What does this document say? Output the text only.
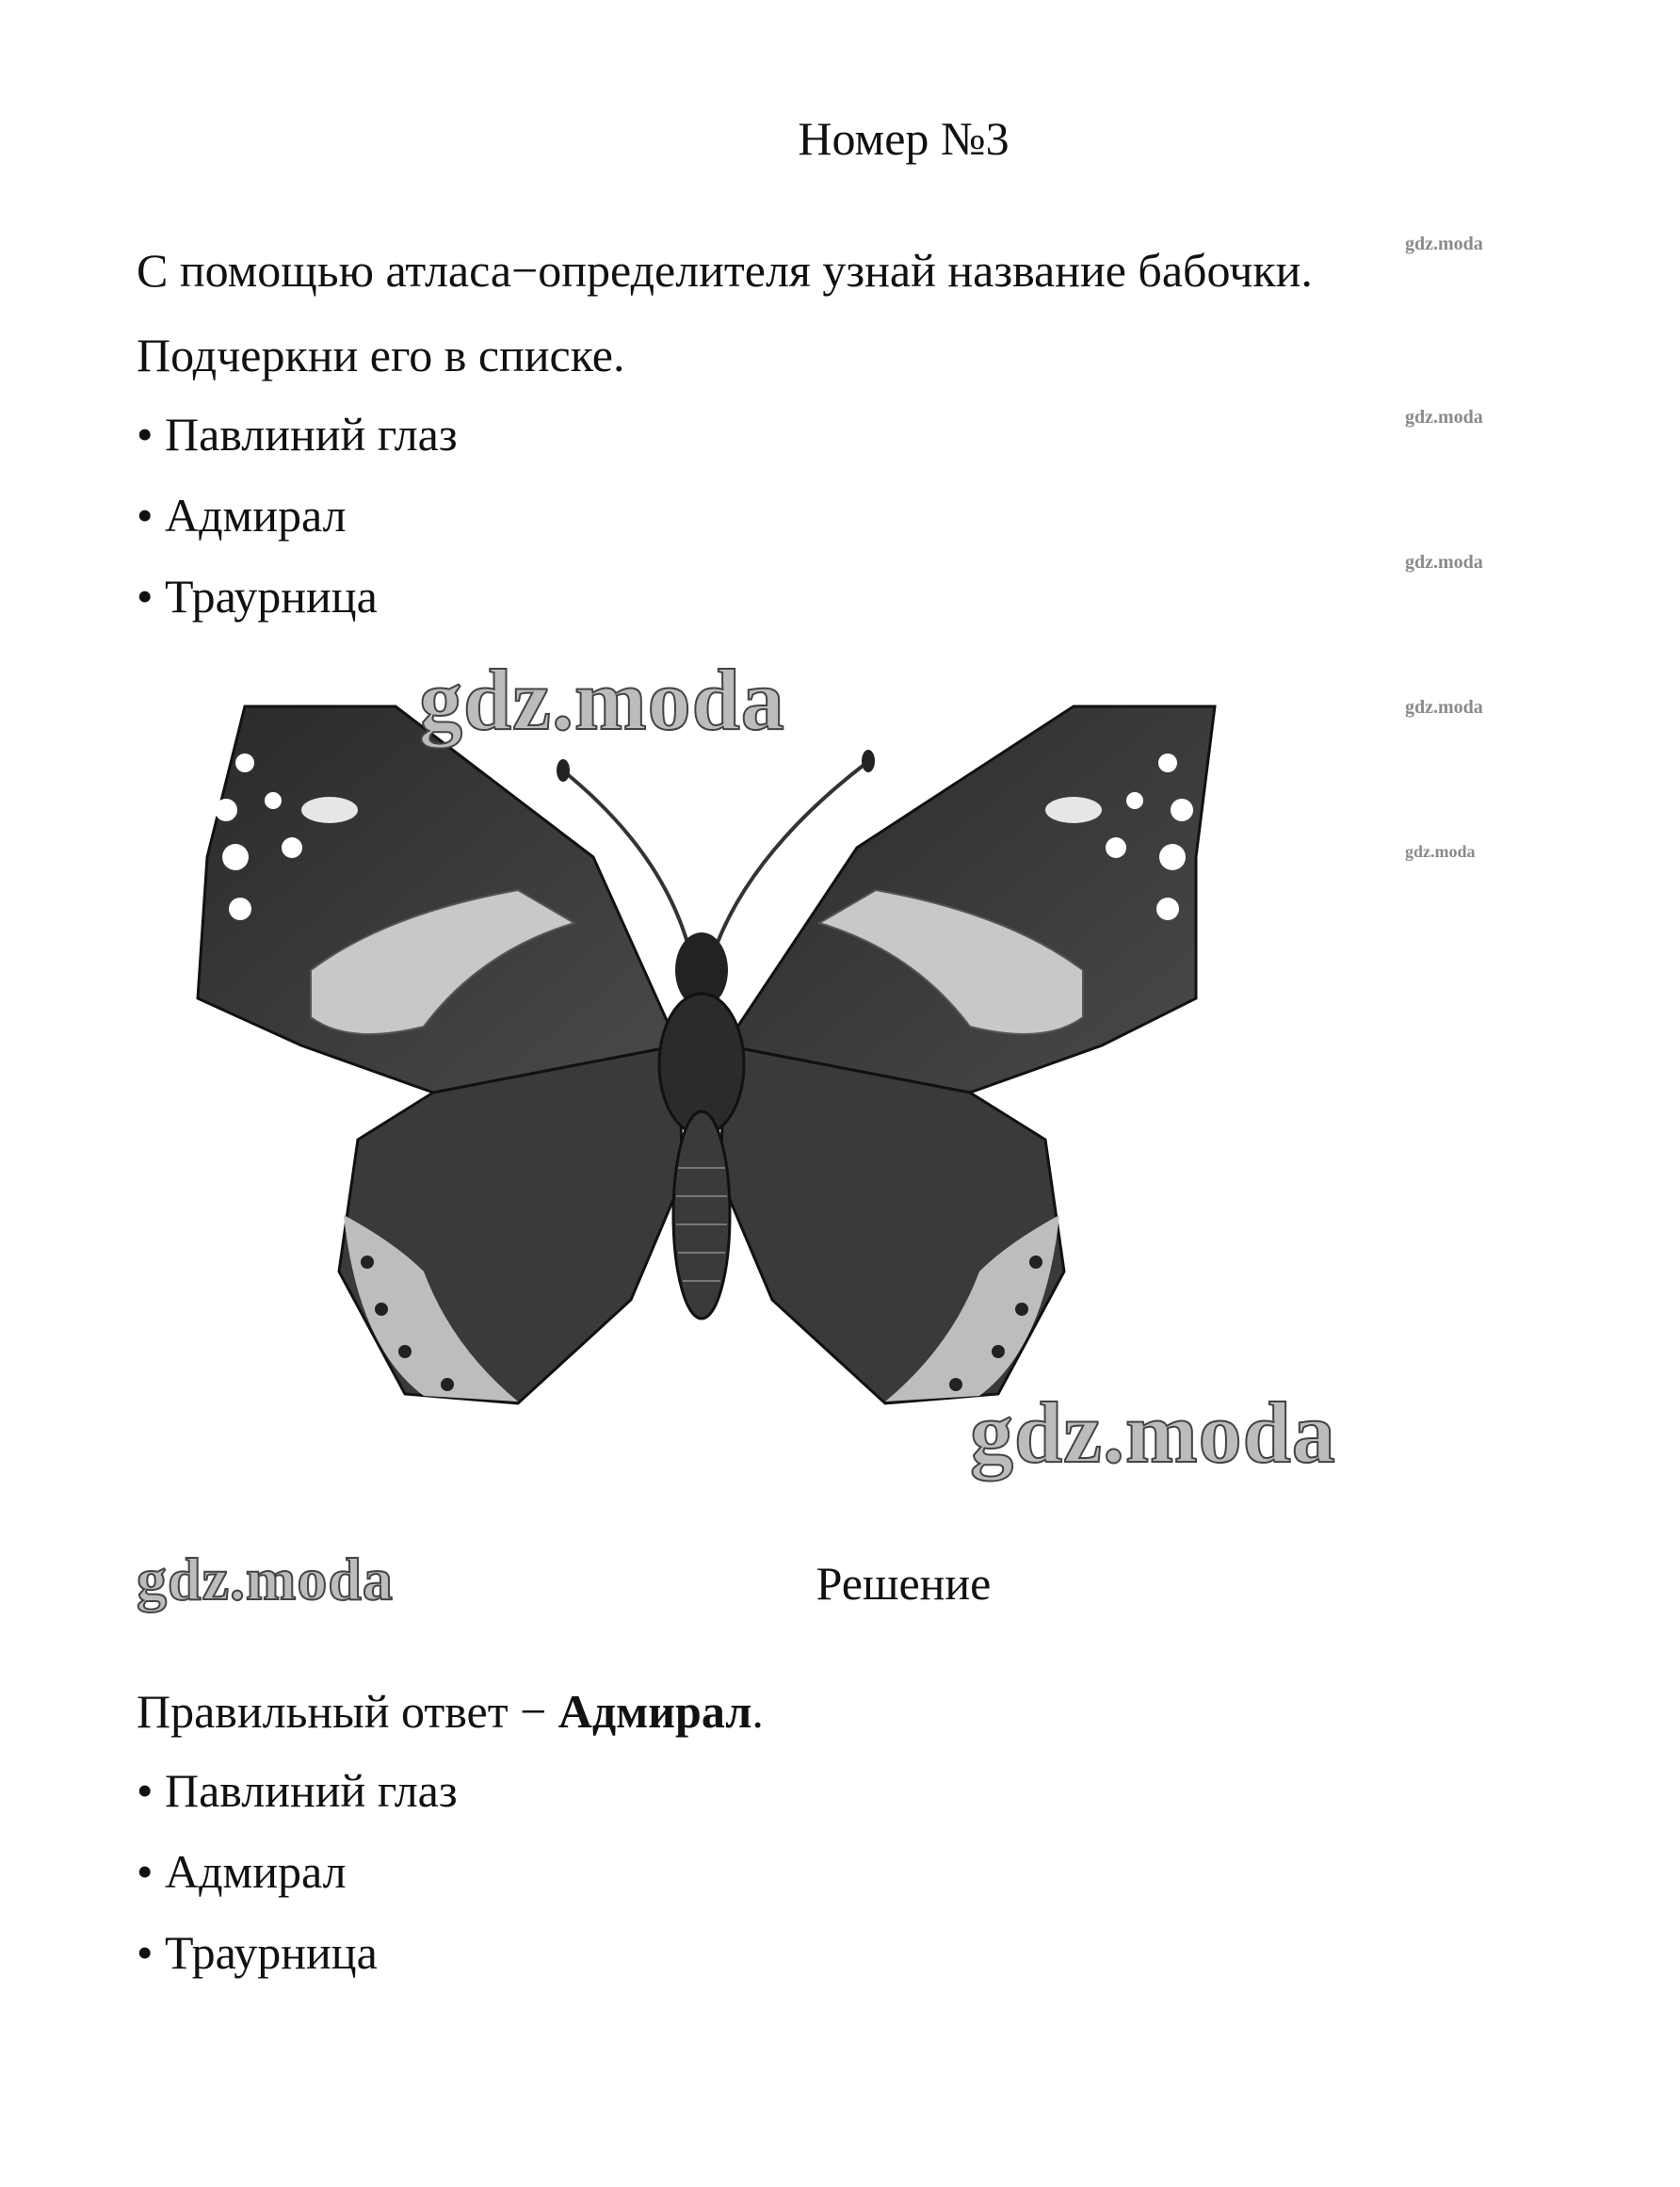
Номер №3
gdz.moda
gdz.moda
gdz.moda
gdz.moda
gdz.moda
С помощью атласа−определителя узнай название бабочки.
Подчеркни его в списке.
• Павлиний глаз
• Адмирал
• Траурница
gdz.moda
gdz.moda
gdz.moda	Решение
Правильный ответ − Адмирал.
• Павлиний глаз
• Адмирал
• Траурница
